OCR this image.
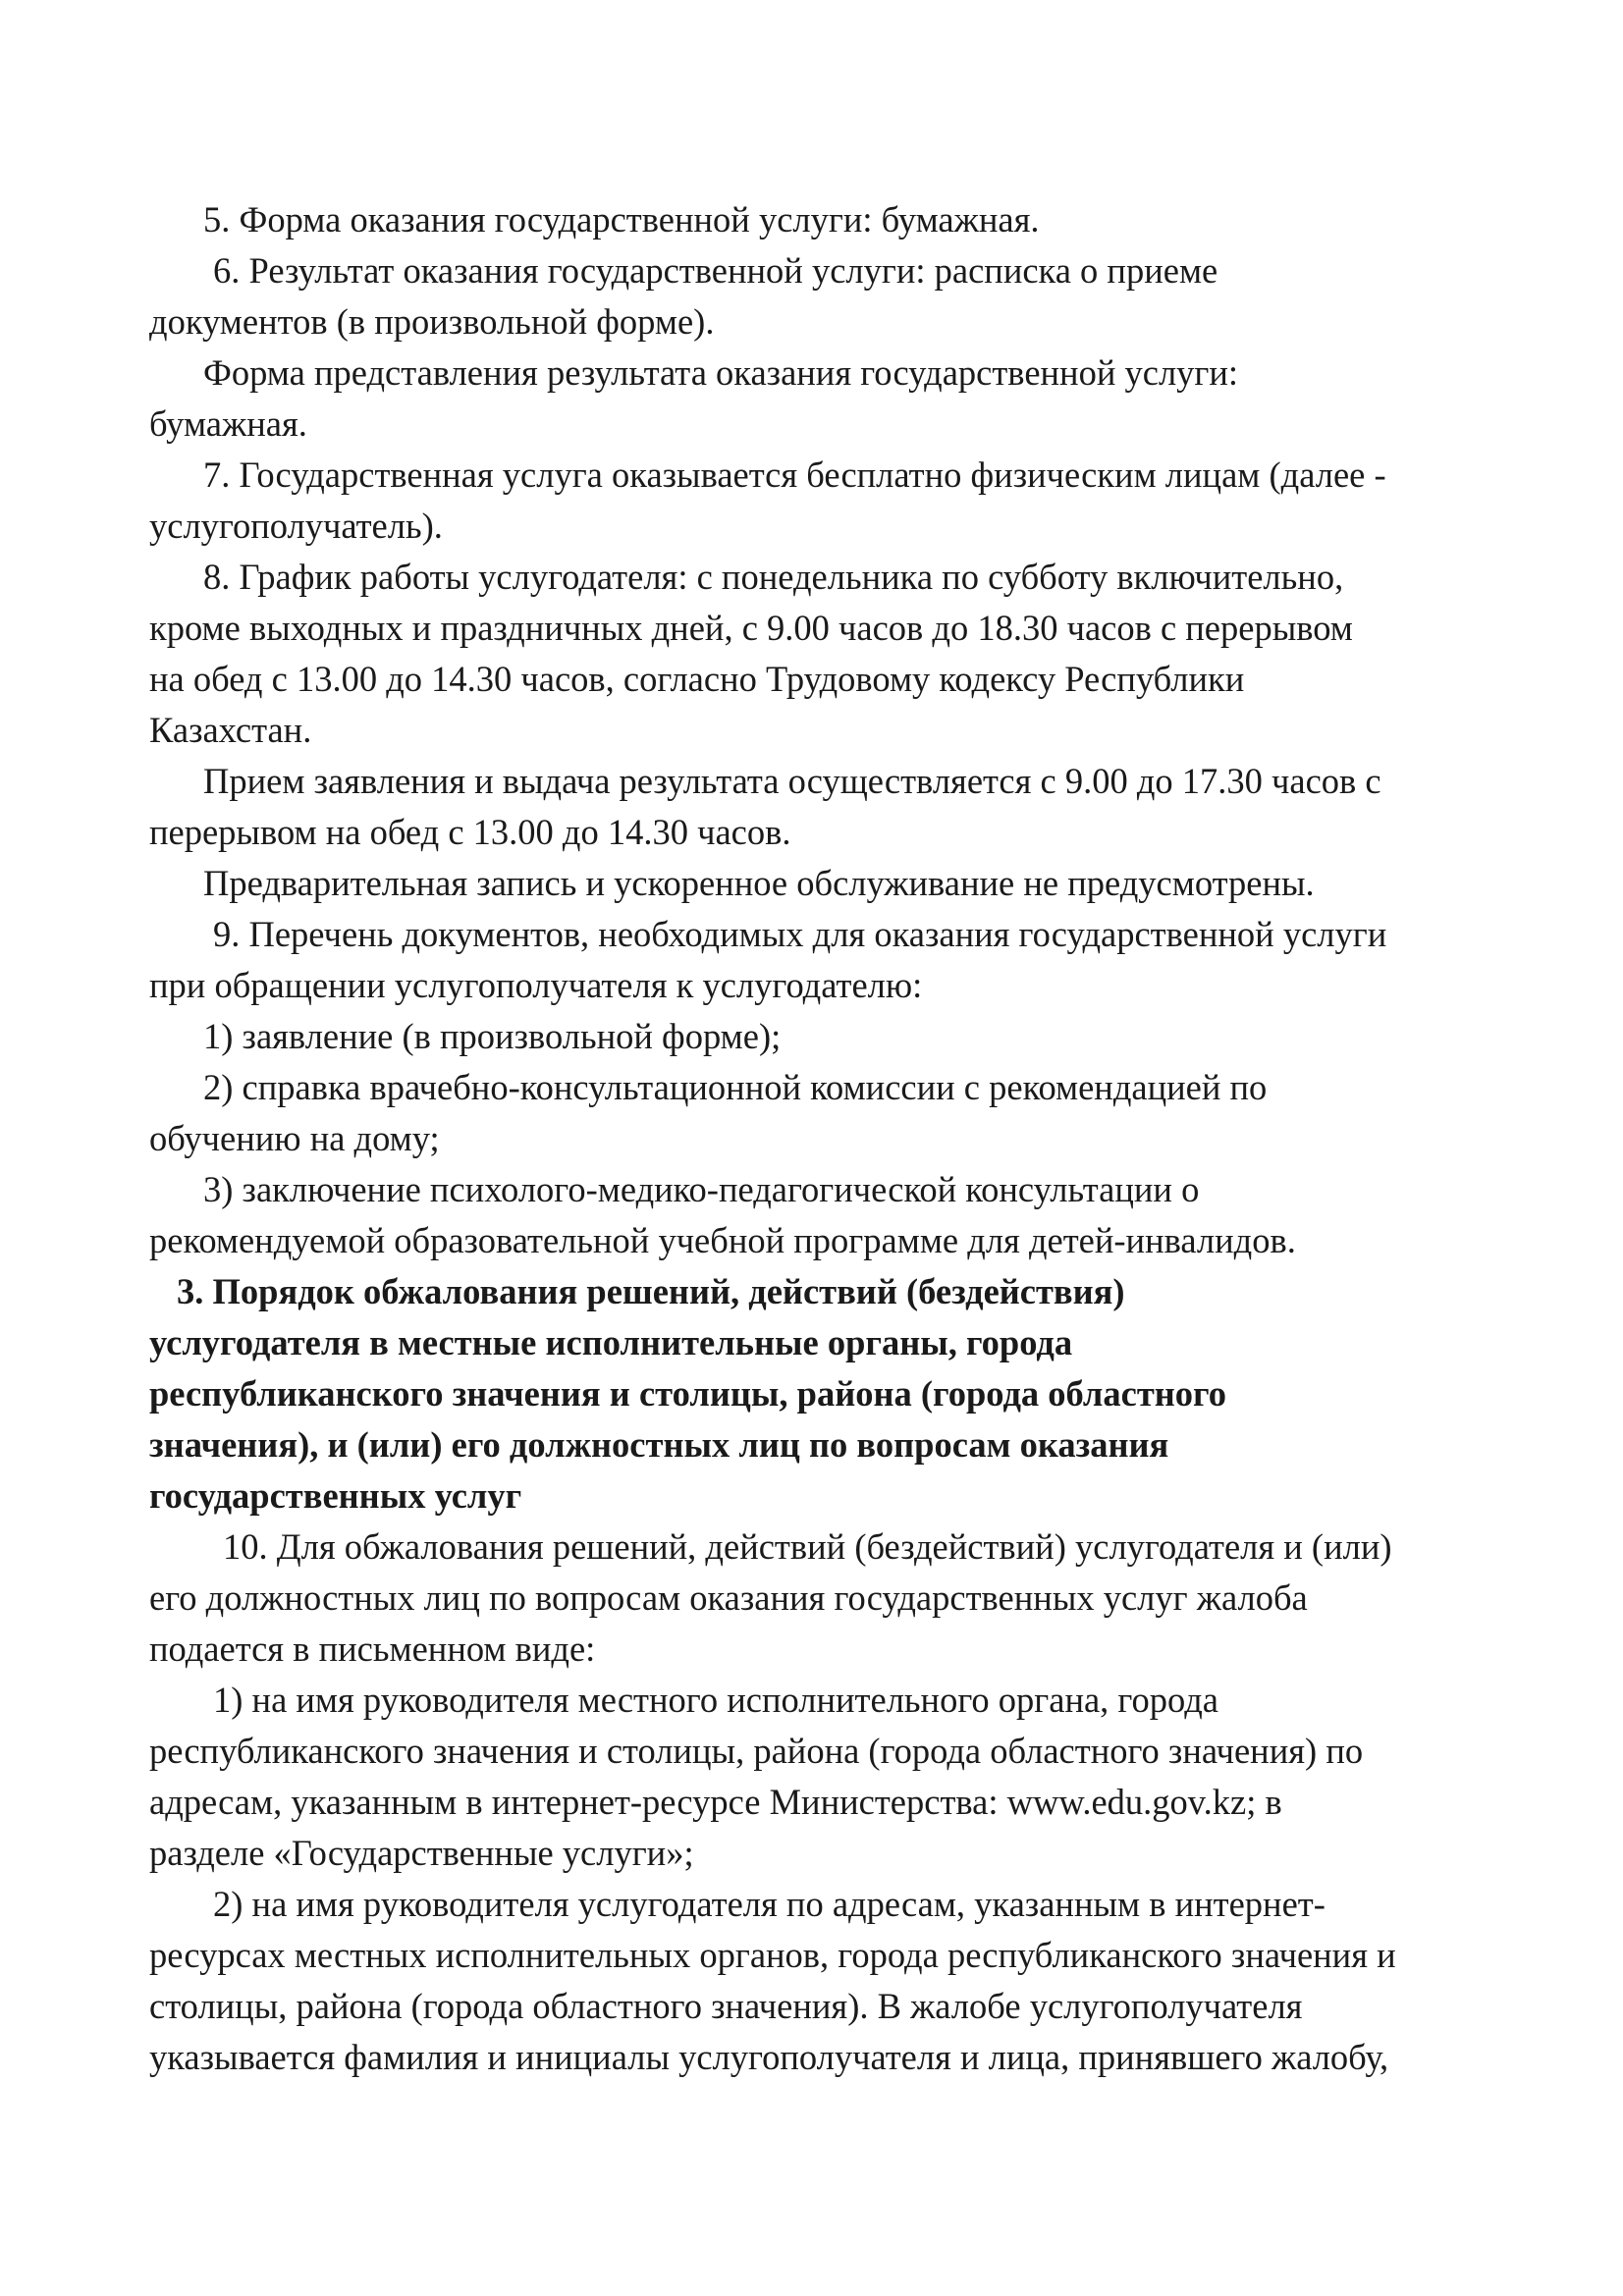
5. Форма оказания государственной услуги: бумажная.
6. Результат оказания государственной услуги: расписка о приеме
документов (в произвольной форме).
Форма представления результата оказания государственной услуги:
бумажная.
7. Государственная услуга оказывается бесплатно физическим лицам (далее -
услугополучатель).
8. График работы услугодателя: с понедельника по субботу включительно,
кроме выходных и праздничных дней, с 9.00 часов до 18.30 часов с перерывом
на обед с 13.00 до 14.30 часов, согласно Трудовому кодексу Республики
Казахстан.
Прием заявления и выдача результата осуществляется с 9.00 до 17.30 часов с
перерывом на обед с 13.00 до 14.30 часов.
Предварительная запись и ускоренное обслуживание не предусмотрены.
9. Перечень документов, необходимых для оказания государственной услуги
при обращении услугополучателя к услугодателю:
1) заявление (в произвольной форме);
2) справка врачебно-консультационной комиссии с рекомендацией по
обучению на дому;
3) заключение психолого-медико-педагогической консультации о
рекомендуемой образовательной учебной программе для детей-инвалидов.
3. Порядок обжалования решений, действий (бездействия)
услугодателя в местные исполнительные органы, города
республиканского значения и столицы, района (города областного
значения), и (или) его должностных лиц по вопросам оказания
государственных услуг
10. Для обжалования решений, действий (бездействий) услугодателя и (или)
его должностных лиц по вопросам оказания государственных услуг жалоба
подается в письменном виде:
1) на имя руководителя местного исполнительного органа, города
республиканского значения и столицы, района (города областного значения) по
адресам, указанным в интернет-ресурсе Министерства: www.edu.gov.kz; в
разделе «Государственные услуги»;
2) на имя руководителя услугодателя по адресам, указанным в интернет-
ресурсах местных исполнительных органов, города республиканского значения и
столицы, района (города областного значения). В жалобе услугополучателя
указывается фамилия и инициалы услугополучателя и лица, принявшего жалобу,
